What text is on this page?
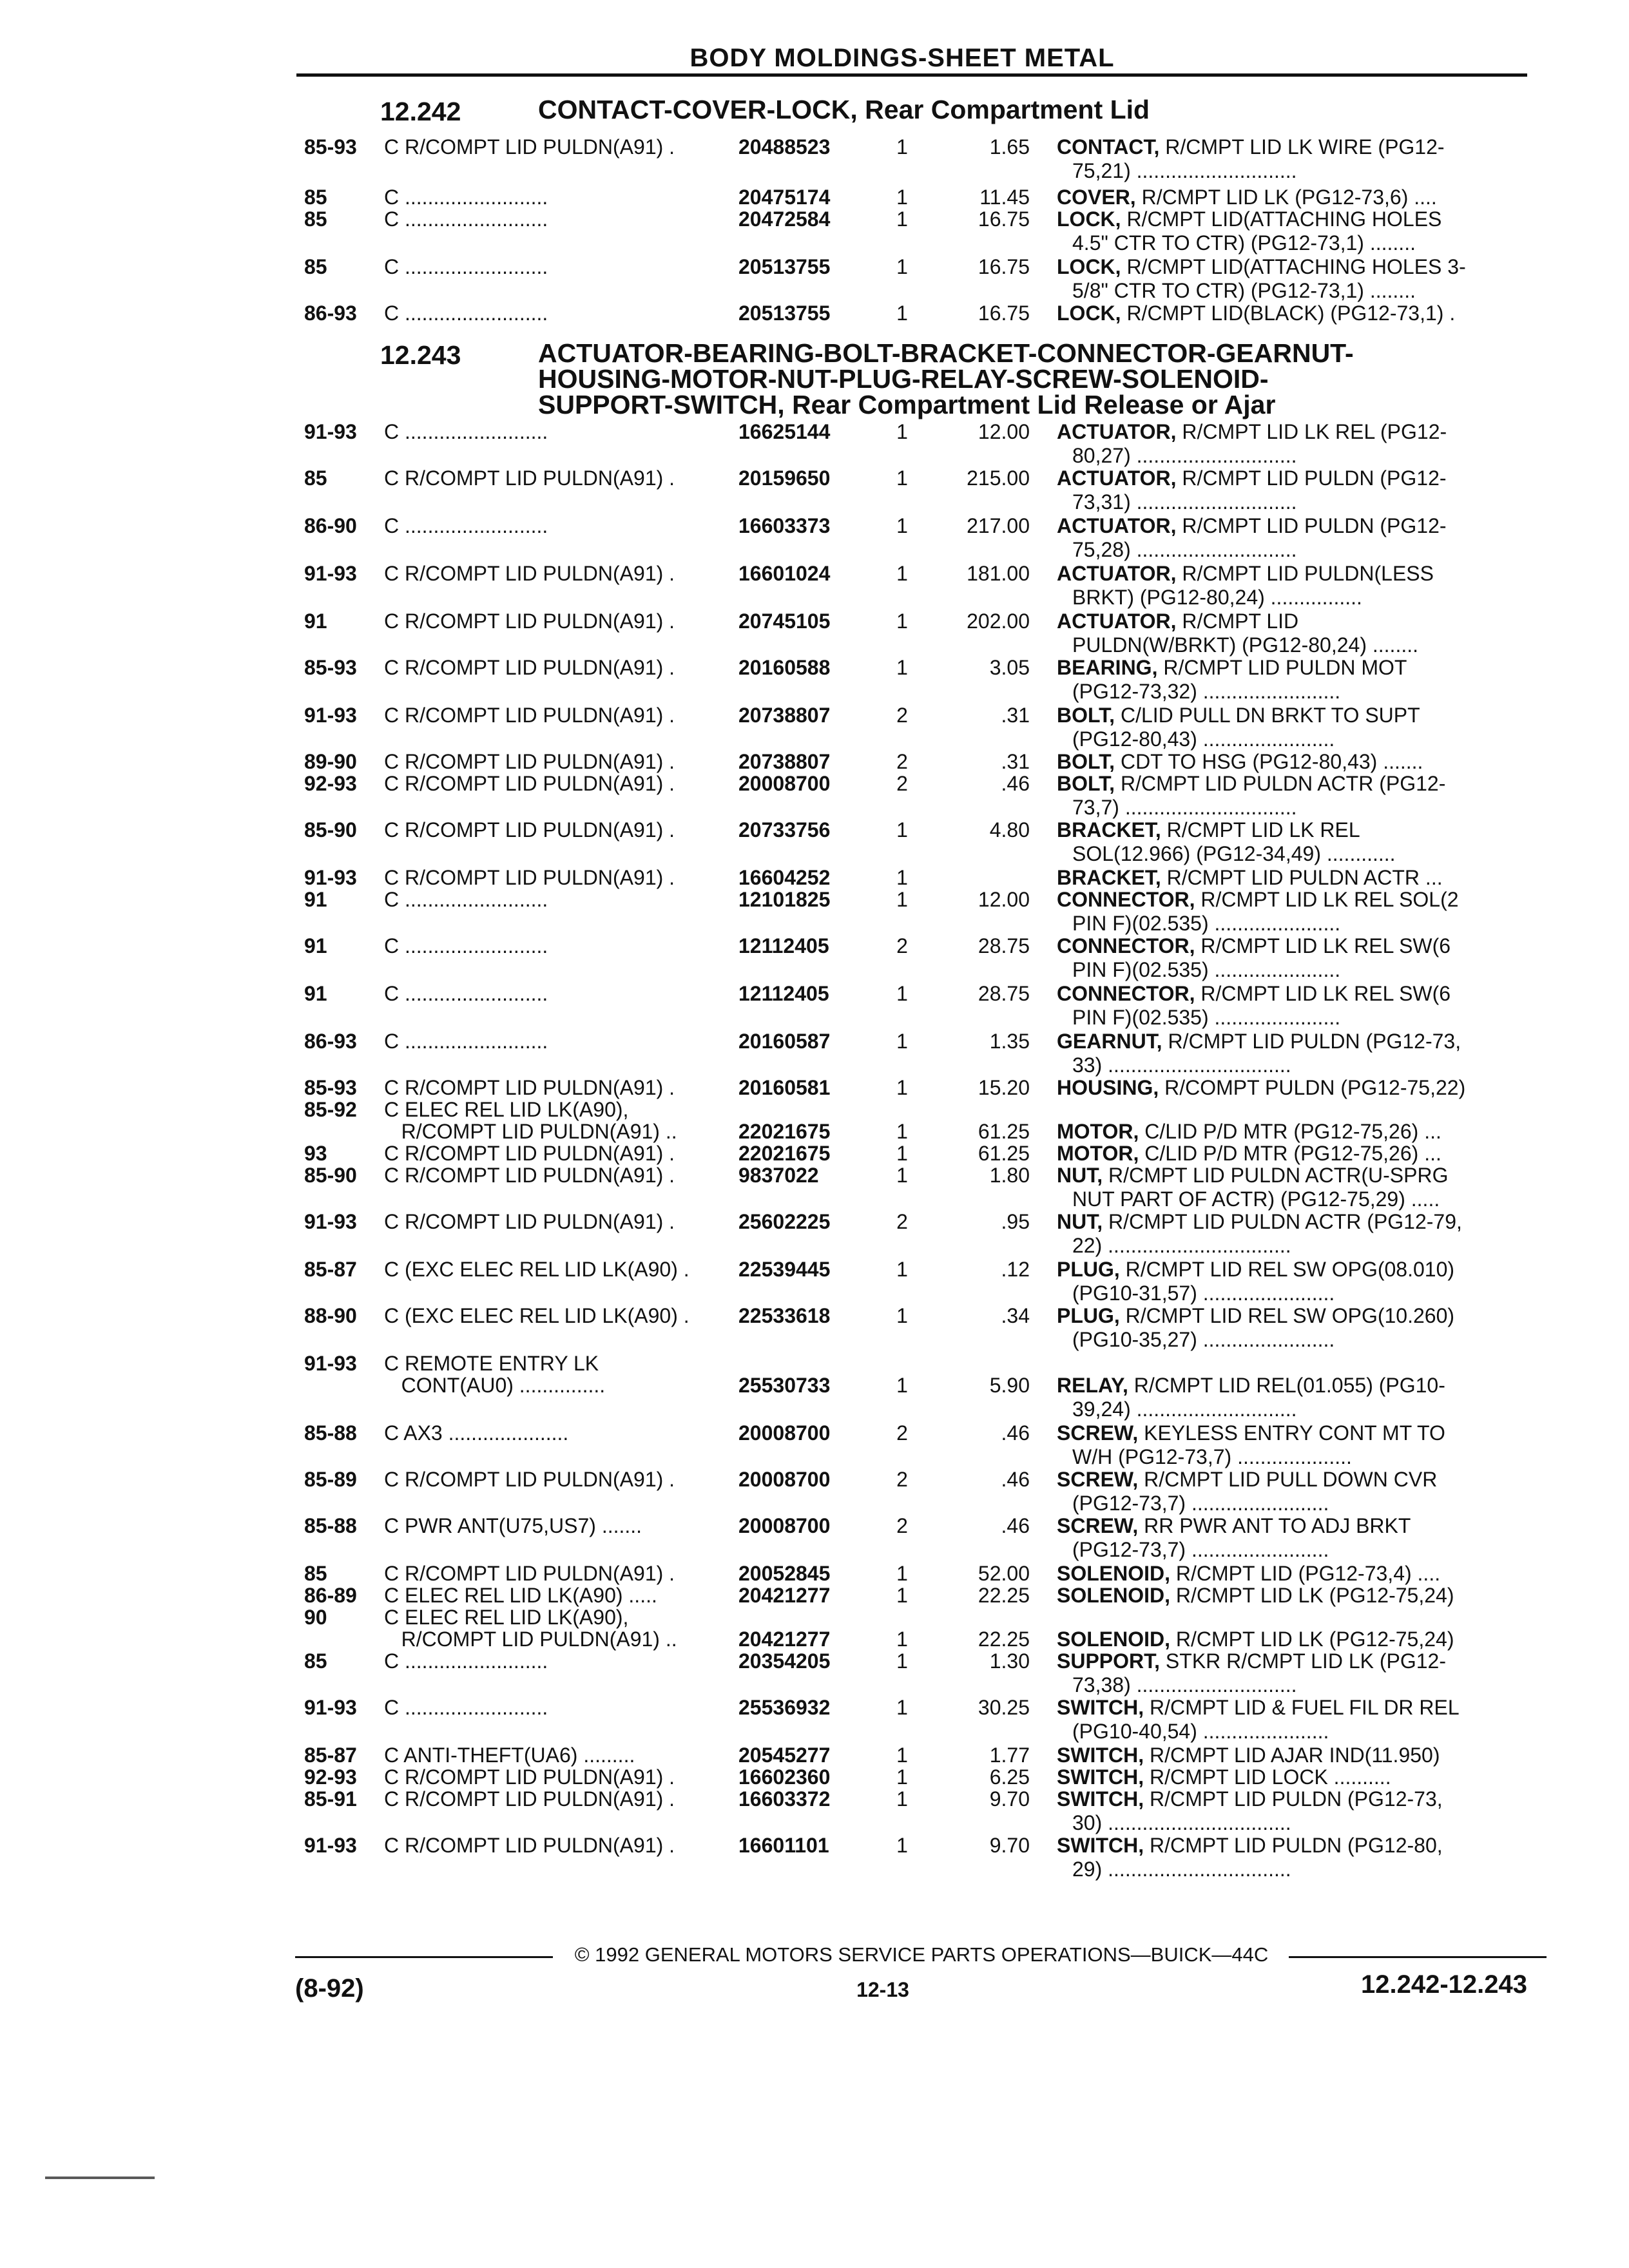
BODY MOLDINGS-SHEET METAL
12.242	CONTACT-COVER-LOCK, Rear Compartment Lid
85-93	C R/COMPT LID PULDN(A91) .	20488523	1	1.65 CONTACT, R/CMPT LID LK WIRE (PG12-
75,21) ............................
85	C .........................	20475174	1	11.45 COVER, R/CMPT LID LK (PG12-73,6) ....
85	C .........................	20472584	1	16.75 LOCK, R/CMPT LID(ATTACHING HOLES
4.5" CTR TO CTR) (PG12-73,1) ........
85	C .........................	20513755	1	16.75 LOCK, R/CMPT LID(ATTACHING HOLES 3-
5/8" CTR TO CTR) (PG12-73,1) ........
86-93	C .........................	20513755	1	16.75 LOCK, R/CMPT LID(BLACK) (PG12-73,1) .
12.243	ACTUATOR-BEARING-BOLT-BRACKET-CONNECTOR-GEARNUT-
HOUSING-MOTOR-NUT-PLUG-RELAY-SCREW-SOLENOID-
SUPPORT-SWITCH, Rear Compartment Lid Release or Ajar
91-93	C .........................	16625144	1	12.00 ACTUATOR, R/CMPT LID LK REL (PG12-
80,27) ............................
85	C R/COMPT LID PULDN(A91) .	20159650	1	215.00 ACTUATOR, R/CMPT LID PULDN (PG12-
73,31) ............................
86-90	C .........................	16603373	1	217.00 ACTUATOR, R/CMPT LID PULDN (PG12-
75,28) ............................
91-93	C R/COMPT LID PULDN(A91) .	16601024	1	181.00 ACTUATOR, R/CMPT LID PULDN(LESS
BRKT) (PG12-80,24) ................
91	C R/COMPT LID PULDN(A91) .	20745105	1	202.00 ACTUATOR, R/CMPT LID
PULDN(W/BRKT) (PG12-80,24) ........
85-93	C R/COMPT LID PULDN(A91) .	20160588	1	3.05 BEARING, R/CMPT LID PULDN MOT
(PG12-73,32) ........................
91-93	C R/COMPT LID PULDN(A91) .	20738807	2	.31 BOLT, C/LID PULL DN BRKT TO SUPT
(PG12-80,43) .......................
89-90	C R/COMPT LID PULDN(A91) .	20738807	2	.31 BOLT, CDT TO HSG (PG12-80,43) .......
92-93	C R/COMPT LID PULDN(A91) .	20008700	2	.46 BOLT, R/CMPT LID PULDN ACTR (PG12-
73,7) ..............................
85-90	C R/COMPT LID PULDN(A91) .	20733756	1	4.80 BRACKET, R/CMPT LID LK REL
SOL(12.966) (PG12-34,49) ............
91-93	C R/COMPT LID PULDN(A91) .	16604252	1	BRACKET, R/CMPT LID PULDN ACTR ...
91	C .........................	12101825	1	12.00 CONNECTOR, R/CMPT LID LK REL SOL(2
PIN F)(02.535) ......................
91	C .........................	12112405	2	28.75 CONNECTOR, R/CMPT LID LK REL SW(6
PIN F)(02.535) ......................
91	C .........................	12112405	1	28.75 CONNECTOR, R/CMPT LID LK REL SW(6
PIN F)(02.535) ......................
86-93	C .........................	20160587	1	1.35 GEARNUT, R/CMPT LID PULDN (PG12-73,
33) ................................
85-93	C R/COMPT LID PULDN(A91) .	20160581	1	15.20 HOUSING, R/COMPT PULDN (PG12-75,22)
85-92	C ELEC REL LID LK(A90),
R/COMPT LID PULDN(A91) ..	22021675	1	61.25 MOTOR, C/LID P/D MTR (PG12-75,26) ...
93	C R/COMPT LID PULDN(A91) .	22021675	1	61.25 MOTOR, C/LID P/D MTR (PG12-75,26) ...
85-90	C R/COMPT LID PULDN(A91) .	9837022	1	1.80 NUT, R/CMPT LID PULDN ACTR(U-SPRG
NUT PART OF ACTR) (PG12-75,29) .....
91-93	C R/COMPT LID PULDN(A91) .	25602225	2	.95 NUT, R/CMPT LID PULDN ACTR (PG12-79,
22) ................................
85-87	C (EXC ELEC REL LID LK(A90) .	22539445	1	.12 PLUG, R/CMPT LID REL SW OPG(08.010)
(PG10-31,57) .......................
88-90	C (EXC ELEC REL LID LK(A90) .	22533618	1	.34 PLUG, R/CMPT LID REL SW OPG(10.260)
(PG10-35,27) .......................
91-93	C REMOTE ENTRY LK
CONT(AU0) ...............	25530733	1	5.90 RELAY, R/CMPT LID REL(01.055) (PG10-
39,24) ............................
85-88	C AX3 .....................	20008700	2	.46 SCREW, KEYLESS ENTRY CONT MT TO
W/H (PG12-73,7) ....................
85-89	C R/COMPT LID PULDN(A91) .	20008700	2	.46 SCREW, R/CMPT LID PULL DOWN CVR
(PG12-73,7) ........................
85-88	C PWR ANT(U75,US7) .......	20008700	2	.46 SCREW, RR PWR ANT TO ADJ BRKT
(PG12-73,7) ........................
85	C R/COMPT LID PULDN(A91) .	20052845	1	52.00 SOLENOID, R/CMPT LID (PG12-73,4) ....
86-89	C ELEC REL LID LK(A90) .....	20421277	1	22.25 SOLENOID, R/CMPT LID LK (PG12-75,24)
90	C ELEC REL LID LK(A90),
R/COMPT LID PULDN(A91) ..	20421277	1	22.25 SOLENOID, R/CMPT LID LK (PG12-75,24)
85	C .........................	20354205	1	1.30 SUPPORT, STKR R/CMPT LID LK (PG12-
73,38) ............................
91-93	C .........................	25536932	1	30.25 SWITCH, R/CMPT LID & FUEL FIL DR REL
(PG10-40,54) ......................
85-87	C ANTI-THEFT(UA6) .........	20545277	1	1.77 SWITCH, R/CMPT LID AJAR IND(11.950)
92-93	C R/COMPT LID PULDN(A91) .	16602360	1	6.25 SWITCH, R/CMPT LID LOCK ..........
85-91	C R/COMPT LID PULDN(A91) .	16603372	1	9.70 SWITCH, R/CMPT LID PULDN (PG12-73,
30) ................................
91-93	C R/COMPT LID PULDN(A91) .	16601101	1	9.70 SWITCH, R/CMPT LID PULDN (PG12-80,
29) ................................
© 1992 GENERAL MOTORS SERVICE PARTS OPERATIONS—BUICK—44C
(8-92)	12-13	12.242-12.243
